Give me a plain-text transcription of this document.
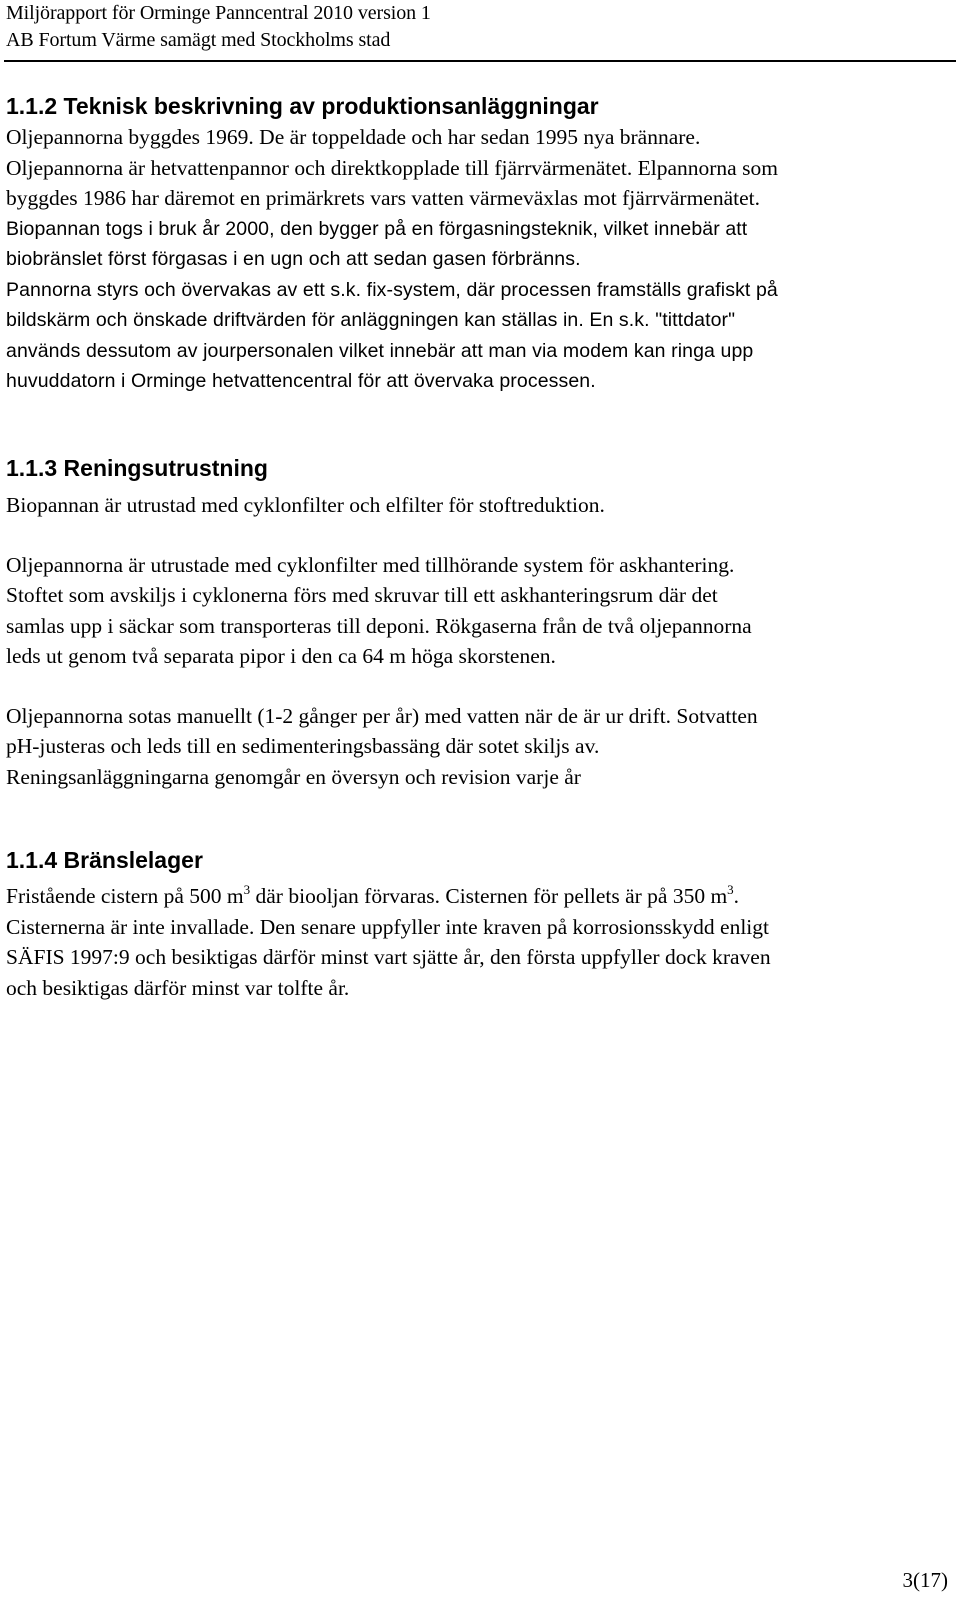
Miljörapport för Orminge Panncentral 2010 version 1
AB Fortum Värme samägt med Stockholms stad
1.1.2 Teknisk beskrivning av produktionsanläggningar
Oljepannorna byggdes 1969. De är toppeldade och har sedan 1995 nya brännare.
Oljepannorna är hetvattenpannor och direktkopplade till fjärrvärmenätet. Elpannorna som
byggdes 1986 har däremot en primärkrets vars vatten värmeväxlas mot fjärrvärmenätet.
Biopannan togs i bruk år 2000, den bygger på en förgasningsteknik, vilket innebär att
biobränslet först förgasas i en ugn och att sedan gasen förbränns.
Pannorna styrs och övervakas av ett s.k. fix-system, där processen framställs grafiskt på
bildskärm och önskade driftvärden för anläggningen kan ställas in. En s.k. "tittdator"
används dessutom av jourpersonalen vilket innebär att man via modem kan ringa upp
huvuddatorn i Orminge hetvattencentral för att övervaka processen.
1.1.3 Reningsutrustning
Biopannan är utrustad med cyklonfilter och elfilter för stoftreduktion.
Oljepannorna är utrustade med cyklonfilter med tillhörande system för askhantering.
Stoftet som avskiljs i cyklonerna förs med skruvar till ett askhanteringsrum där det
samlas upp i säckar som transporteras till deponi. Rökgaserna från de två oljepannorna
leds ut genom två separata pipor i den ca 64 m höga skorstenen.
Oljepannorna sotas manuellt (1-2 gånger per år) med vatten när de är ur drift. Sotvatten
pH-justeras och leds till en sedimenteringsbassäng där sotet skiljs av.
Reningsanläggningarna genomgår en översyn och revision varje år
1.1.4 Bränslelager
Fristående cistern på 500 $m^3$ där biooljan förvaras. Cisternen för pellets är på 350 $m^3$.
Cisternerna är inte invallade. Den senare uppfyller inte kraven på korrosionsskydd enligt
SÄFIS 1997:9 och besiktigas därför minst vart sjätte år, den första uppfyller dock kraven
och besiktigas därför minst var tolfte år.
3(17)
